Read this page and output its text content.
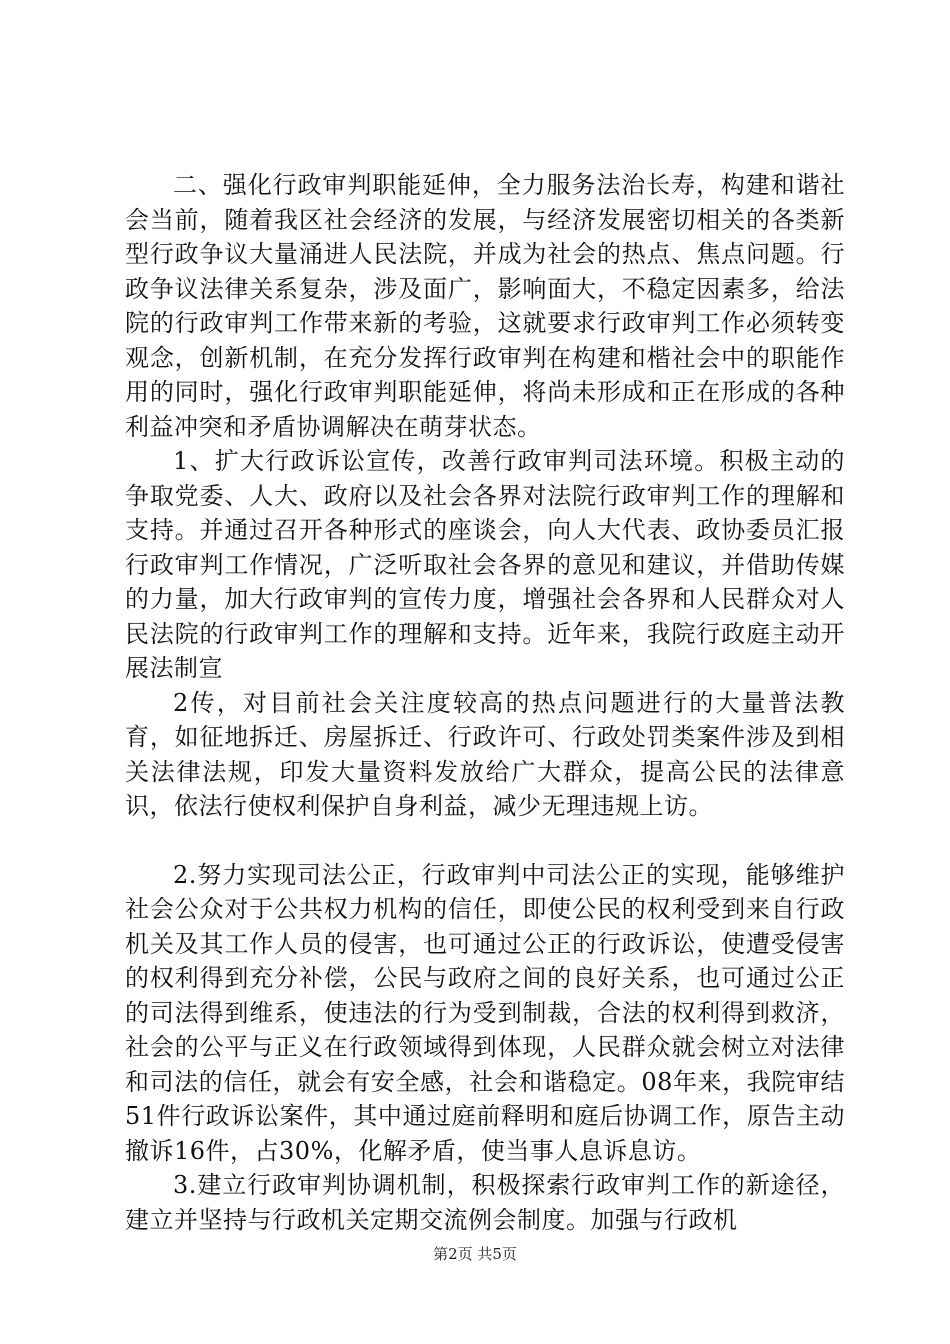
二、强化行政审判职能延伸，全力服务法治长寿，构建和谐社会当前，随着我区社会经济的发展，与经济发展密切相关的各类新型行政争议大量涌进人民法院，并成为社会的热点、焦点问题。行政争议法律关系复杂，涉及面广，影响面大，不稳定因素多，给法院的行政审判工作带来新的考验，这就要求行政审判工作必须转变观念，创新机制，在充分发挥行政审判在构建和楷社会中的职能作用的同时，强化行政审判职能延伸，将尚未形成和正在形成的各种利益冲突和矛盾协调解决在萌芽状态。

1、扩大行政诉讼宣传，改善行政审判司法环境。积极主动的争取党委、人大、政府以及社会各界对法院行政审判工作的理解和支持。并通过召开各种形式的座谈会，向人大代表、政协委员汇报行政审判工作情况，广泛听取社会各界的意见和建议，并借助传媒的力量，加大行政审判的宣传力度，增强社会各界和人民群众对人民法院的行政审判工作的理解和支持。近年来，我院行政庭主动开展法制宣

2传，对目前社会关注度较高的热点问题进行的大量普法教育，如征地拆迁、房屋拆迁、行政许可、行政处罚类案件涉及到相关法律法规，印发大量资料发放给广大群众，提高公民的法律意识，依法行使权利保护自身利益，减少无理违规上访。

2.努力实现司法公正，行政审判中司法公正的实现，能够维护社会公众对于公共权力机构的信任，即使公民的权利受到来自行政机关及其工作人员的侵害，也可通过公正的行政诉讼，使遭受侵害的权利得到充分补偿，公民与政府之间的良好关系，也可通过公正的司法得到维系，使违法的行为受到制裁，合法的权利得到救济，社会的公平与正义在行政领域得到体现，人民群众就会树立对法律和司法的信任，就会有安全感，社会和谐稳定。08年来，我院审结51件行政诉讼案件，其中通过庭前释明和庭后协调工作，原告主动撤诉16件，占30%，化解矛盾，使当事人息诉息访。

3.建立行政审判协调机制，积极探索行政审判工作的新途径，建立并坚持与行政机关定期交流例会制度。加强与行政机

第2页 共5页
